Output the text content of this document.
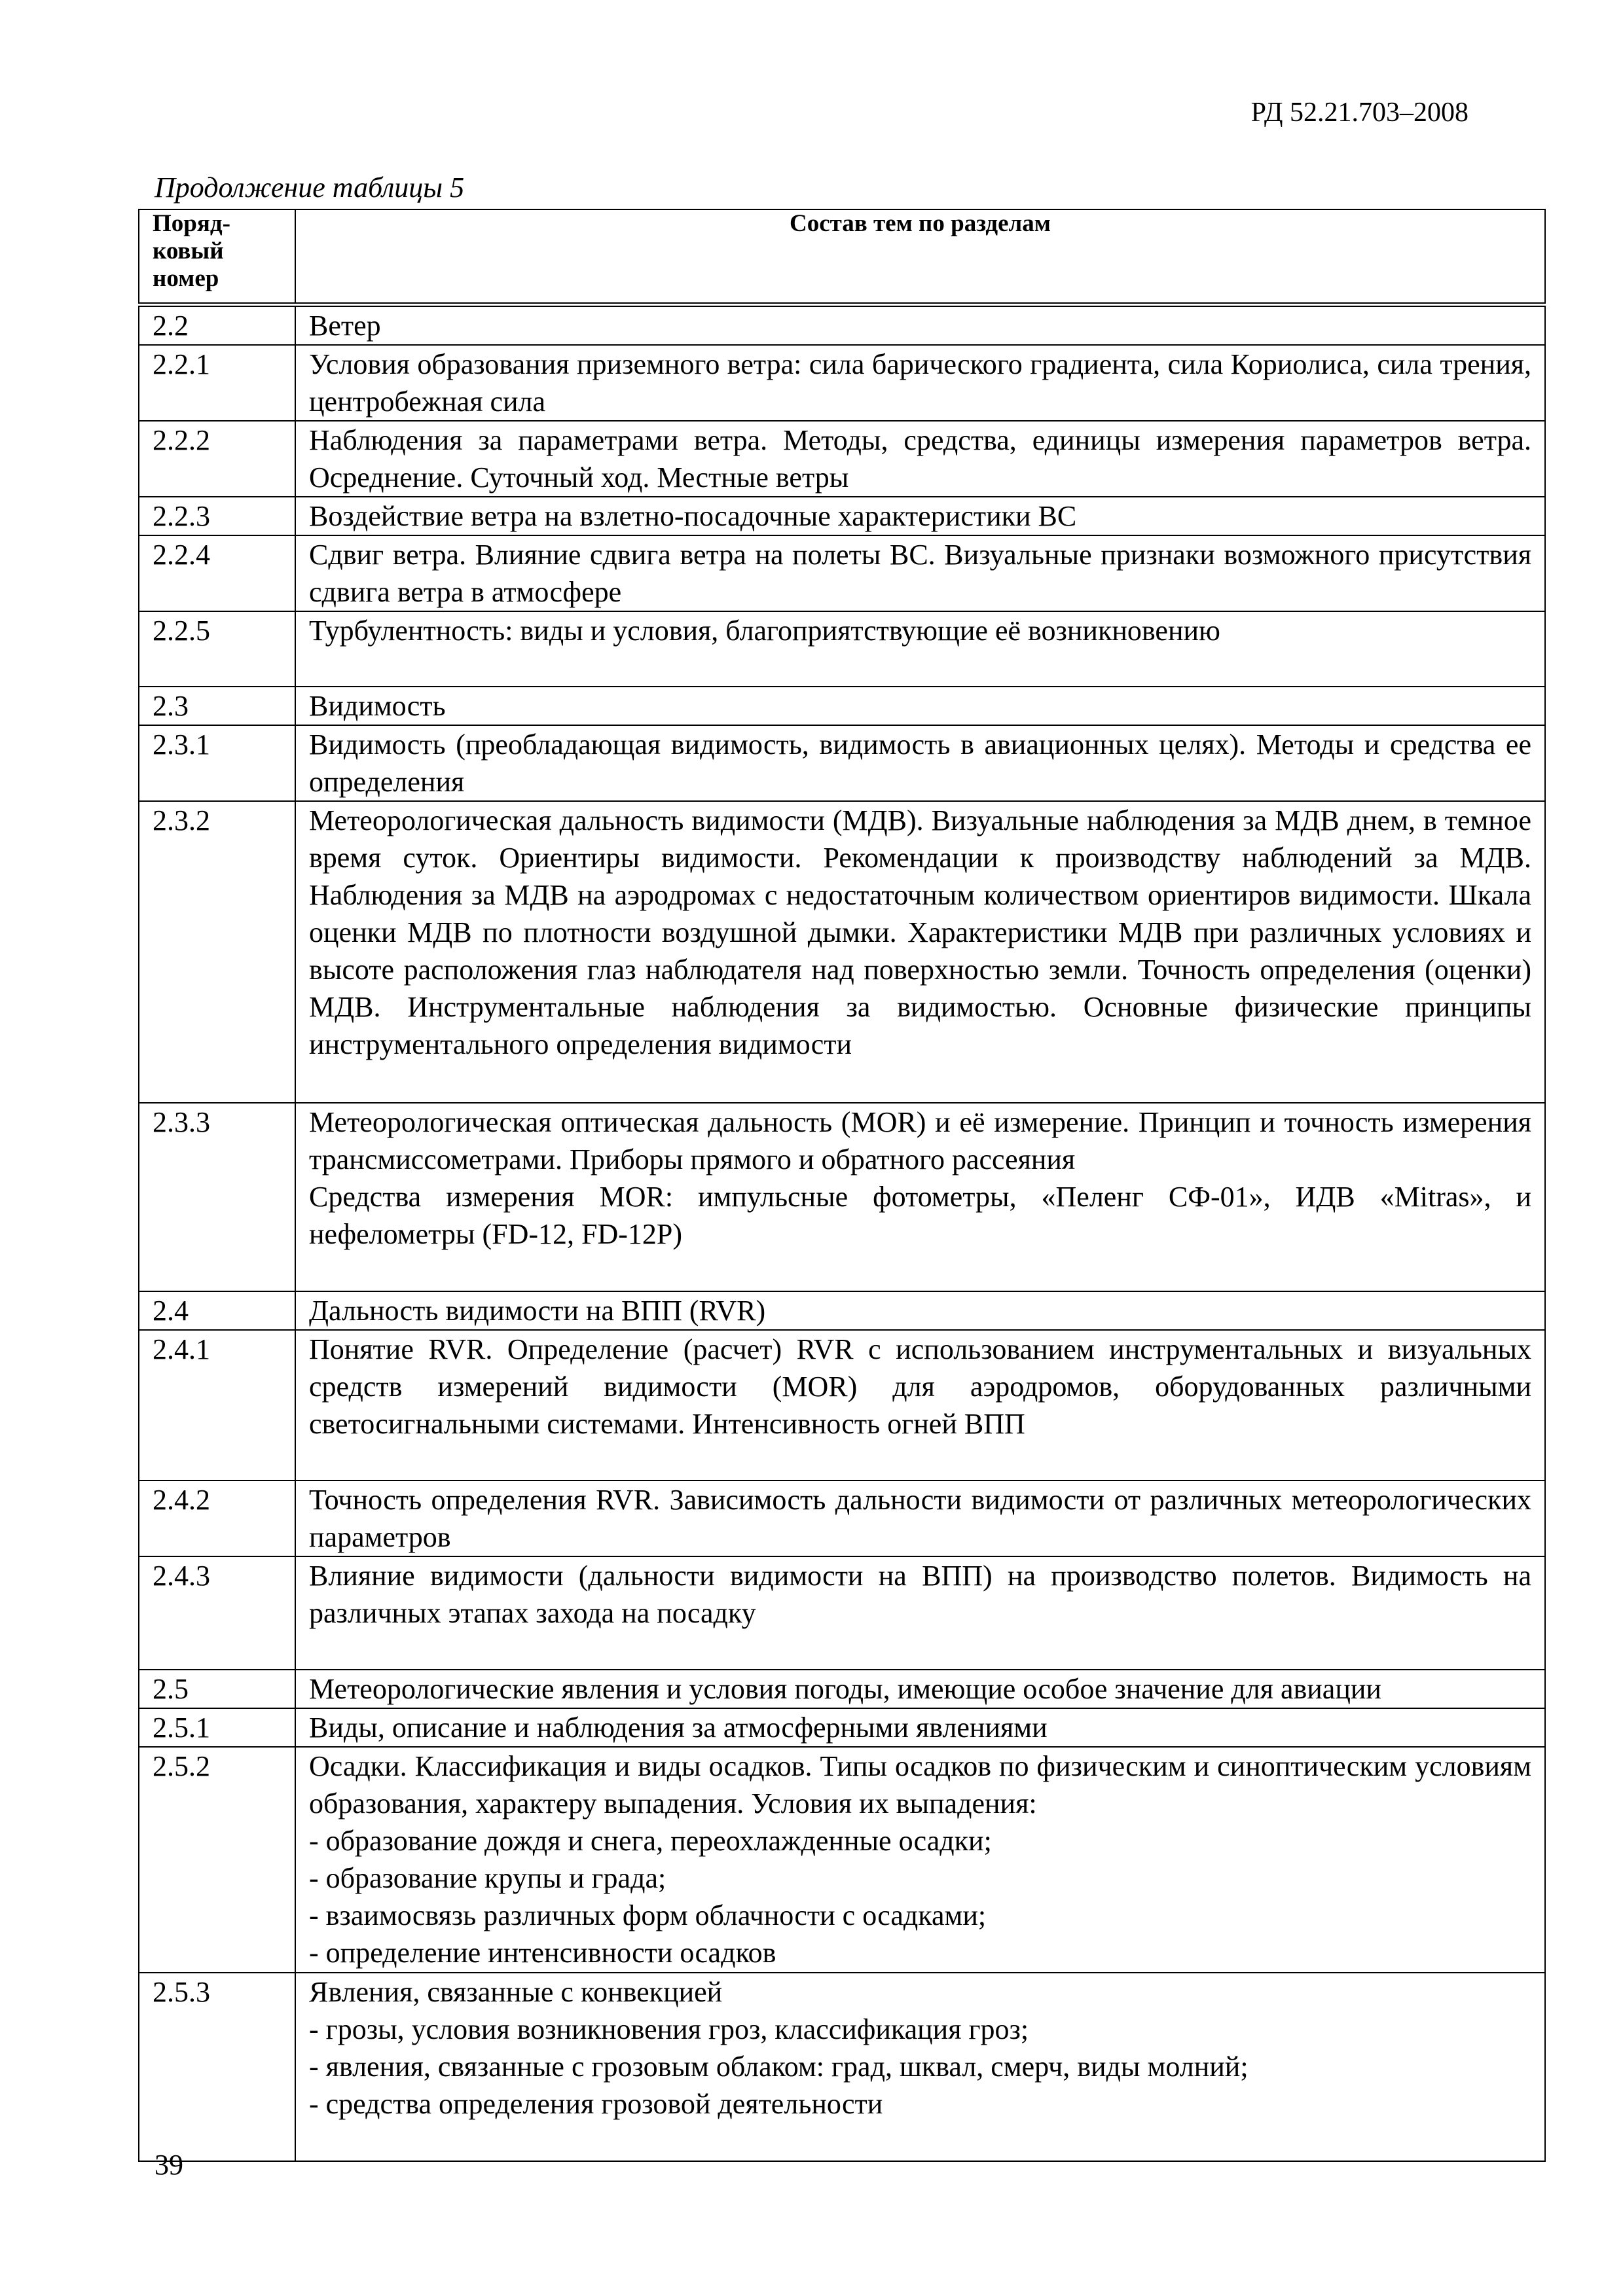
РД 52.21.703–2008
Продолжение таблицы 5
Поряд-
ковый
номер	Состав тем по разделам
2.2	Ветер

2.2.1	Условия образования приземного ветра: сила барического градиента, сила Кориолиса, сила трения, центробежная сила

2.2.2	Наблюдения за параметрами ветра. Методы, средства, единицы измерения параметров ветра. Осреднение. Суточный ход. Местные ветры

2.2.3	Воздействие ветра на взлетно-посадочные характеристики ВС

2.2.4	Сдвиг ветра. Влияние сдвига ветра на полеты ВС. Визуальные признаки возможного присутствия сдвига ветра в атмосфере

2.2.5	Турбулентность: виды и условия, благоприятствующие её возникновению

2.3	Видимость

2.3.1	Видимость (преобладающая видимость, видимость в авиационных целях). Методы и средства ее определения

2.3.2	Метеорологическая дальность видимости (МДВ). Визуальные наблюдения за МДВ днем, в темное время суток. Ориентиры видимости. Рекомендации к производству наблюдений за МДВ. Наблюдения за МДВ на аэродромах с недостаточным количеством ориентиров видимости. Шкала оценки МДВ по плотности воздушной дымки. Характеристики МДВ при различных условиях и высоте расположения глаз наблюдателя над поверхностью земли. Точность определения (оценки) МДВ. Инструментальные наблюдения за видимостью. Основные физические принципы инструментального определения видимости

2.3.3	Метеорологическая оптическая дальность (MOR) и её измерение. Принцип и точность измерения трансмиссометрами. Приборы прямого и обратного рассеяния
Средства измерения MOR: импульсные фотометры, «Пеленг СФ-01», ИДВ «Mitras», и нефелометры (FD-12, FD-12P)

2.4	Дальность видимости на ВПП (RVR)

2.4.1	Понятие RVR. Определение (расчет) RVR с использованием инструментальных и визуальных средств измерений видимости (MOR) для аэродромов, оборудованных различными светосигнальными системами. Интенсивность огней ВПП

2.4.2	Точность определения RVR. Зависимость дальности видимости от различных метеорологических параметров

2.4.3	Влияние видимости (дальности видимости на ВПП) на производство полетов. Видимость на различных этапах захода на посадку

2.5	Метеорологические явления и условия погоды, имеющие особое значение для авиации

2.5.1	Виды, описание и наблюдения за атмосферными явлениями

2.5.2	Осадки. Классификация и виды осадков. Типы осадков по физическим и синоптическим условиям образования, характеру выпадения. Условия их выпадения:
- образование дождя и снега, переохлажденные осадки;
- образование крупы и града;
- взаимосвязь различных форм облачности с осадками;
- определение интенсивности осадков

2.5.3	Явления, связанные с конвекцией
- грозы, условия возникновения гроз, классификация гроз;
- явления, связанные с грозовым облаком: град, шквал, смерч, виды молний;
- средства определения грозовой деятельности
39
